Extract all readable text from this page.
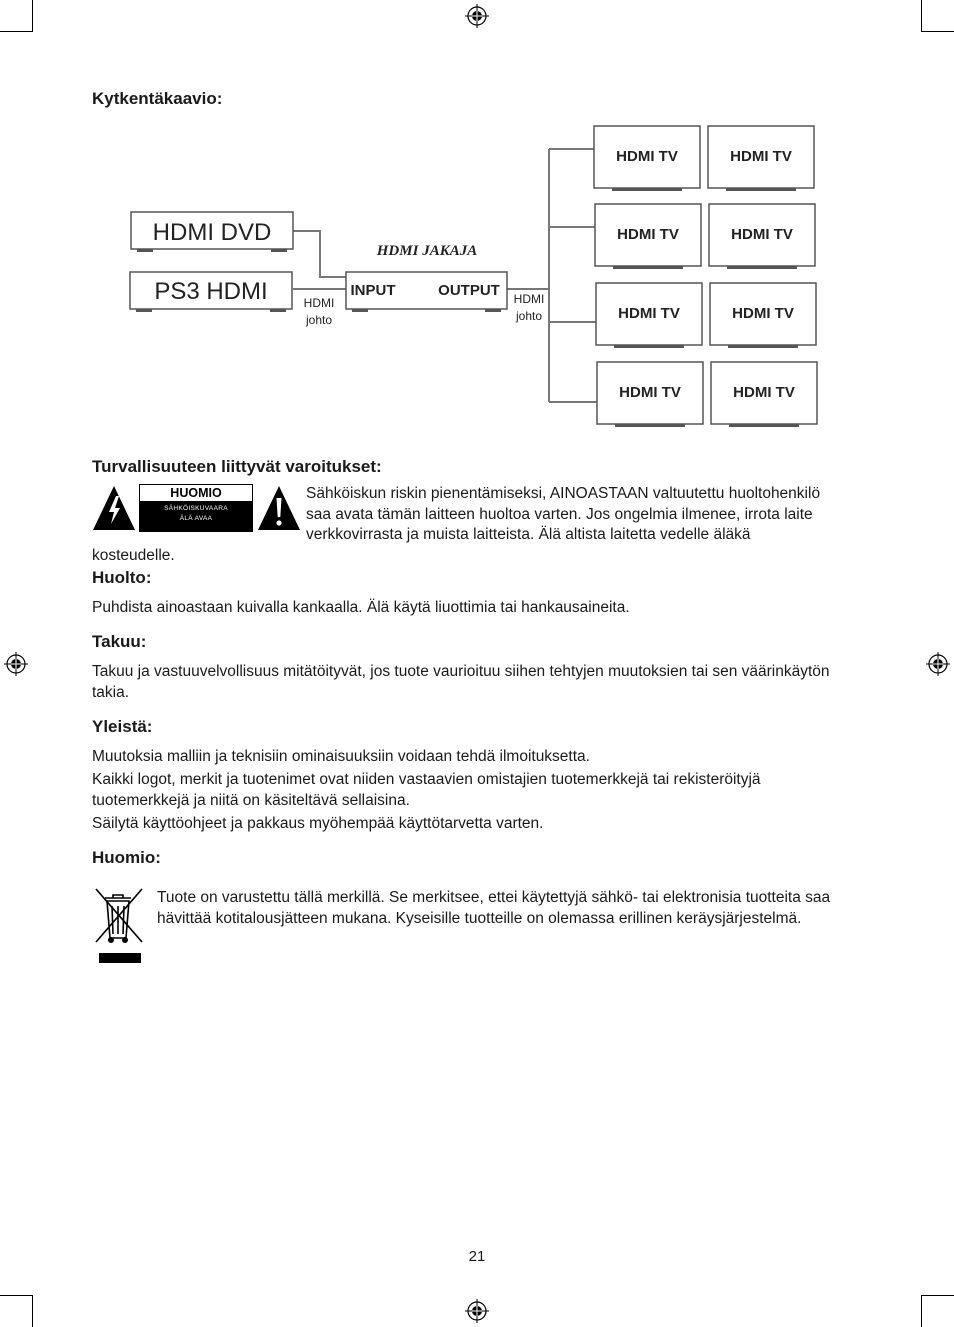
Kytkentäkaavio:
HDMI DVD
PS3 HDMI
HDMI JAKAJA
INPUT	OUTPUT
HDMI
johto
HDMI
johto
HDMI TV	HDMI TV
HDMI TV	HDMI TV
HDMI TV	HDMI TV
HDMI TV	HDMI TV
Turvallisuuteen liittyvät varoitukset:
HUOMIO
SÄHKÖISKUVAARA
ÄLÄ AVAA

Sähköiskun riskin pienentämiseksi, AINOASTAAN valtuutettu huoltohenkilö saa avata tämän laitteen huoltoa varten. Jos ongelmia ilmenee, irrota laite verkkovirrasta ja muista laitteista. Älä altista laitetta vedelle äläkä kosteudelle.

Huolto:

Puhdista ainoastaan kuivalla kankaalla. Älä käytä liuottimia tai hankausaineita.

Takuu:

Takuu ja vastuuvelvollisuus mitätöityvät, jos tuote vaurioituu siihen tehtyjen muutoksien tai sen väärinkäytön takia.

Yleistä:

Muutoksia malliin ja teknisiin ominaisuuksiin voidaan tehdä ilmoituksetta.

Kaikki logot, merkit ja tuotenimet ovat niiden vastaavien omistajien tuotemerkkejä tai rekisteröityjä tuotemerkkejä ja niitä on käsiteltävä sellaisina.

Säilytä käyttöohjeet ja pakkaus myöhempää käyttötarvetta varten.

Huomio:

Tuote on varustettu tällä merkillä. Se merkitsee, ettei käytettyjä sähkö- tai elektronisia tuotteita saa hävittää kotitalousjätteen mukana. Kyseisille tuotteille on olemassa erillinen keräysjärjestelmä.

21
